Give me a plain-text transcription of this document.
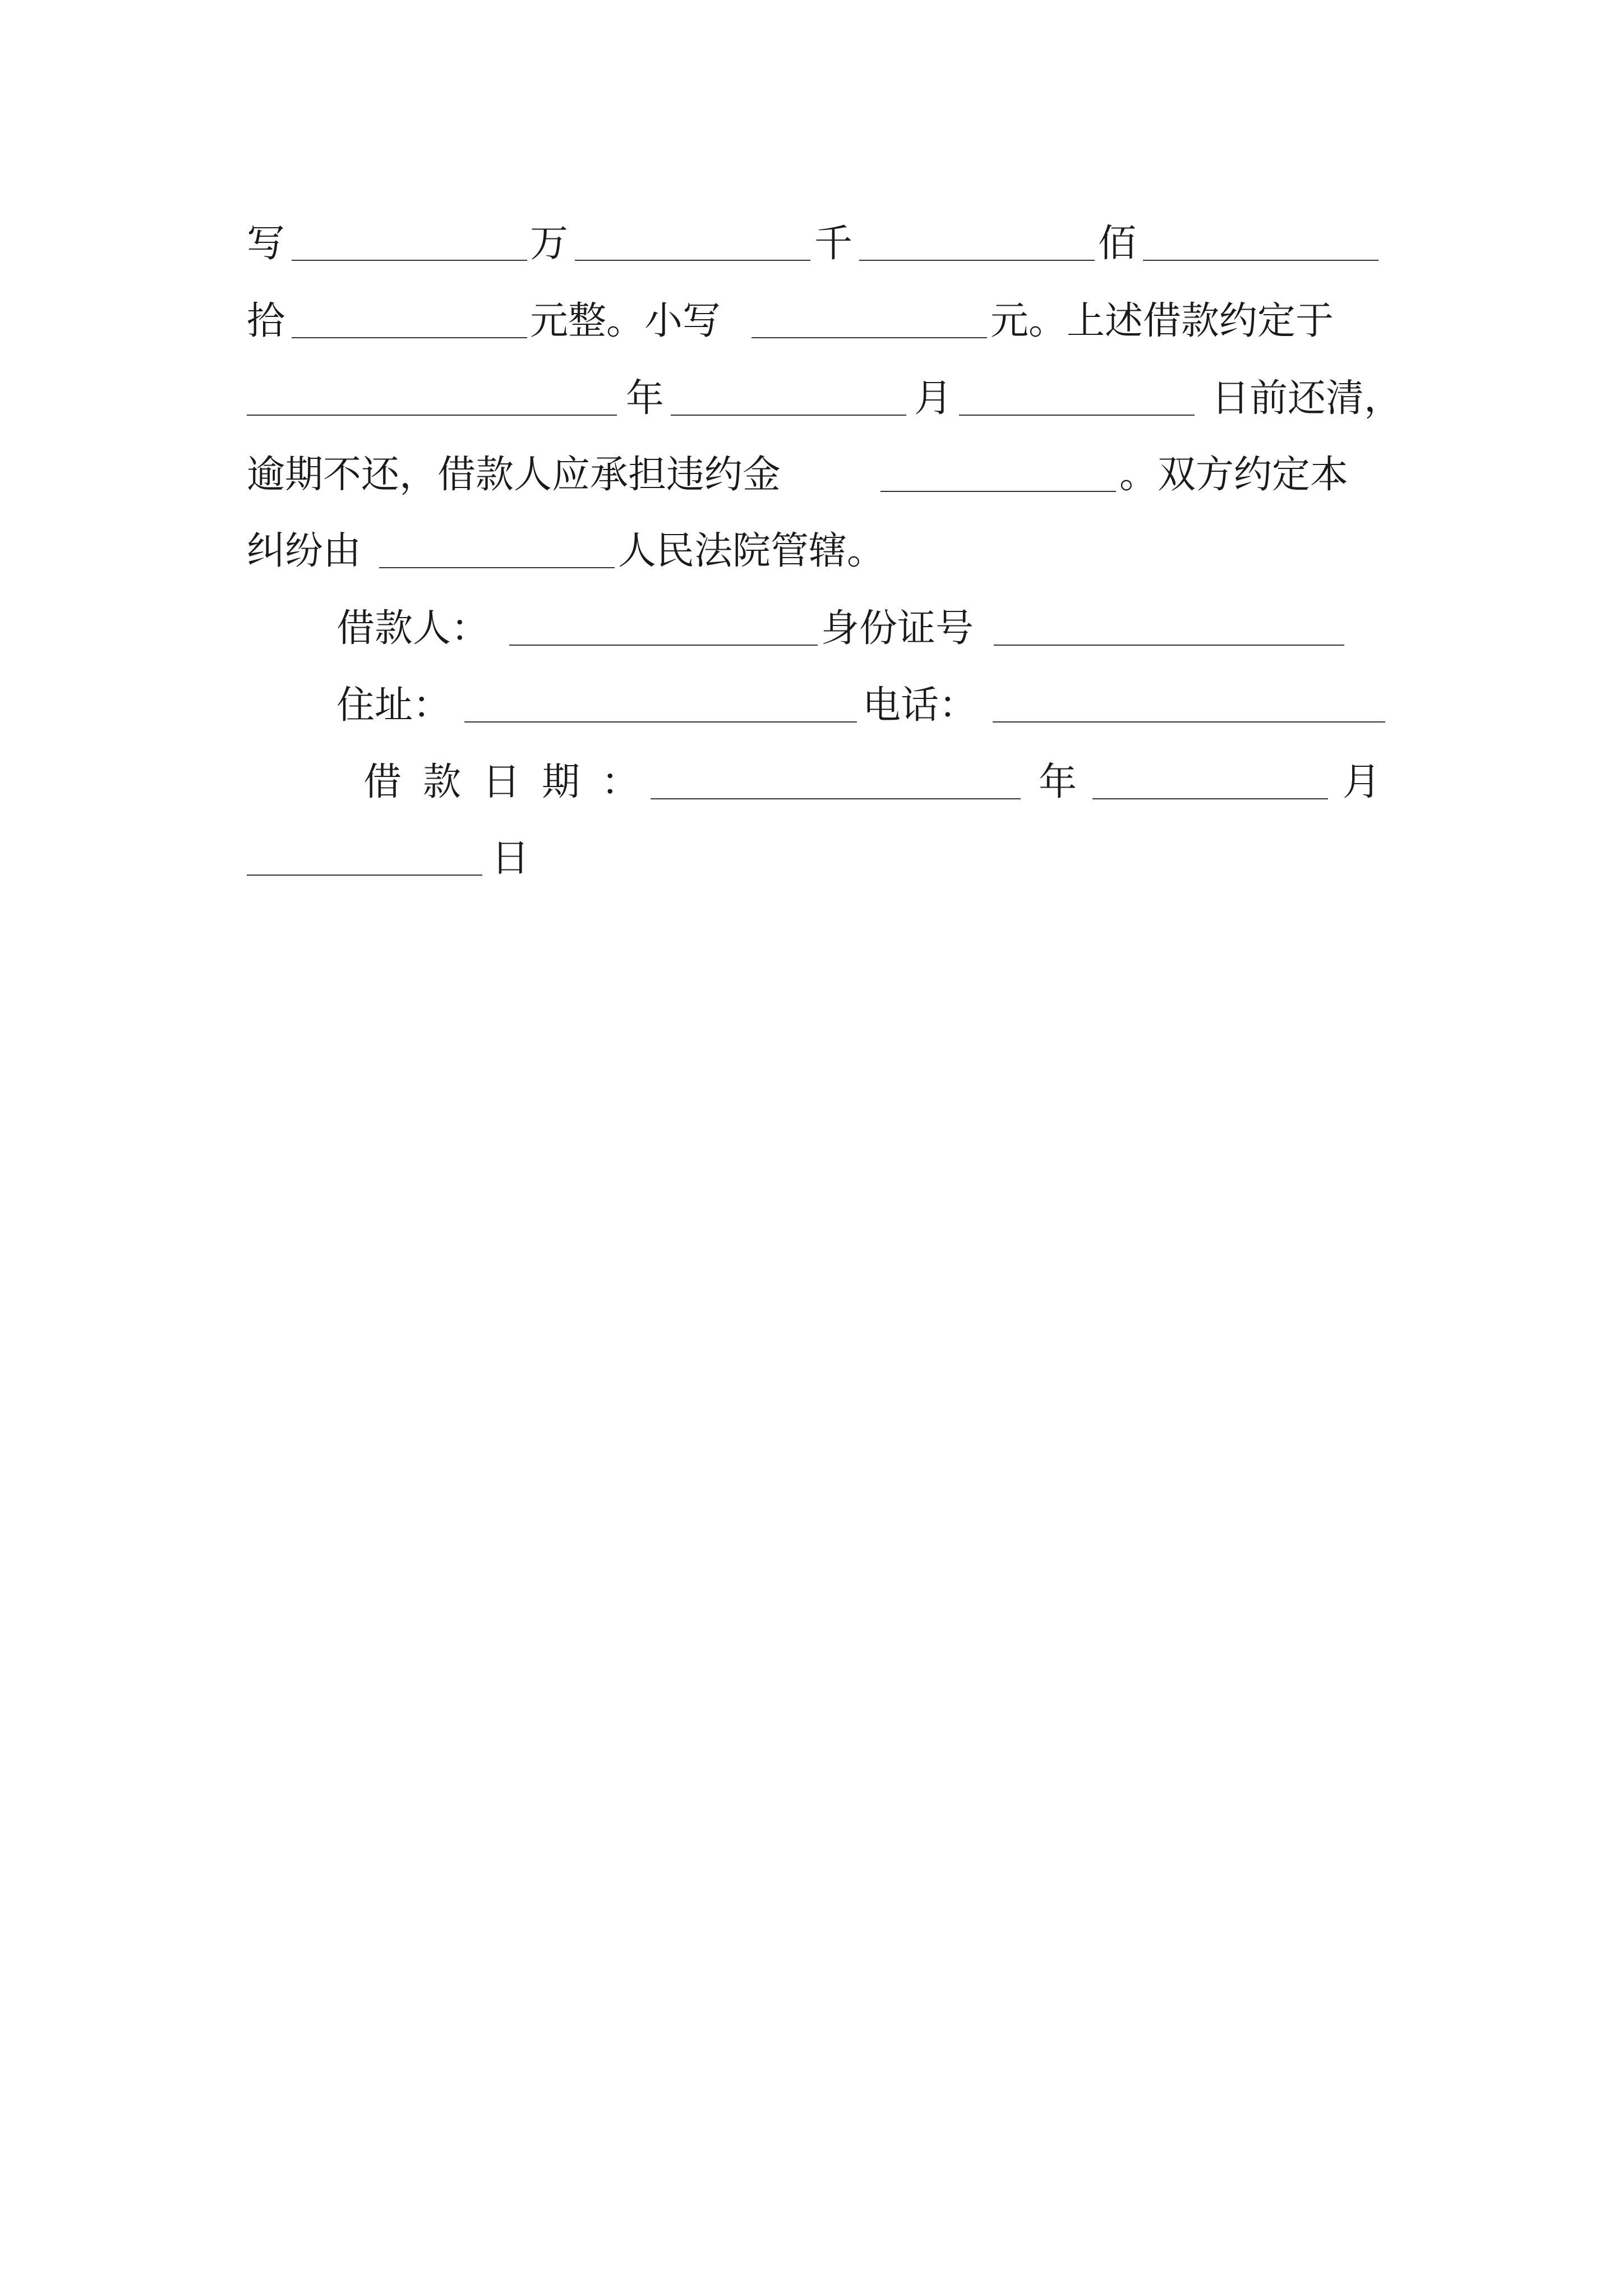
写	万	千	佰
拾	元整。小写	元。上述借款约定于
年	月	日前还清，
逾期不还，借款人应承担违约金	。双方约定本
纠纷由	人民法院管辖。
借款人：	身份证号
住址：	电话：
借款日期：	年	月
日
